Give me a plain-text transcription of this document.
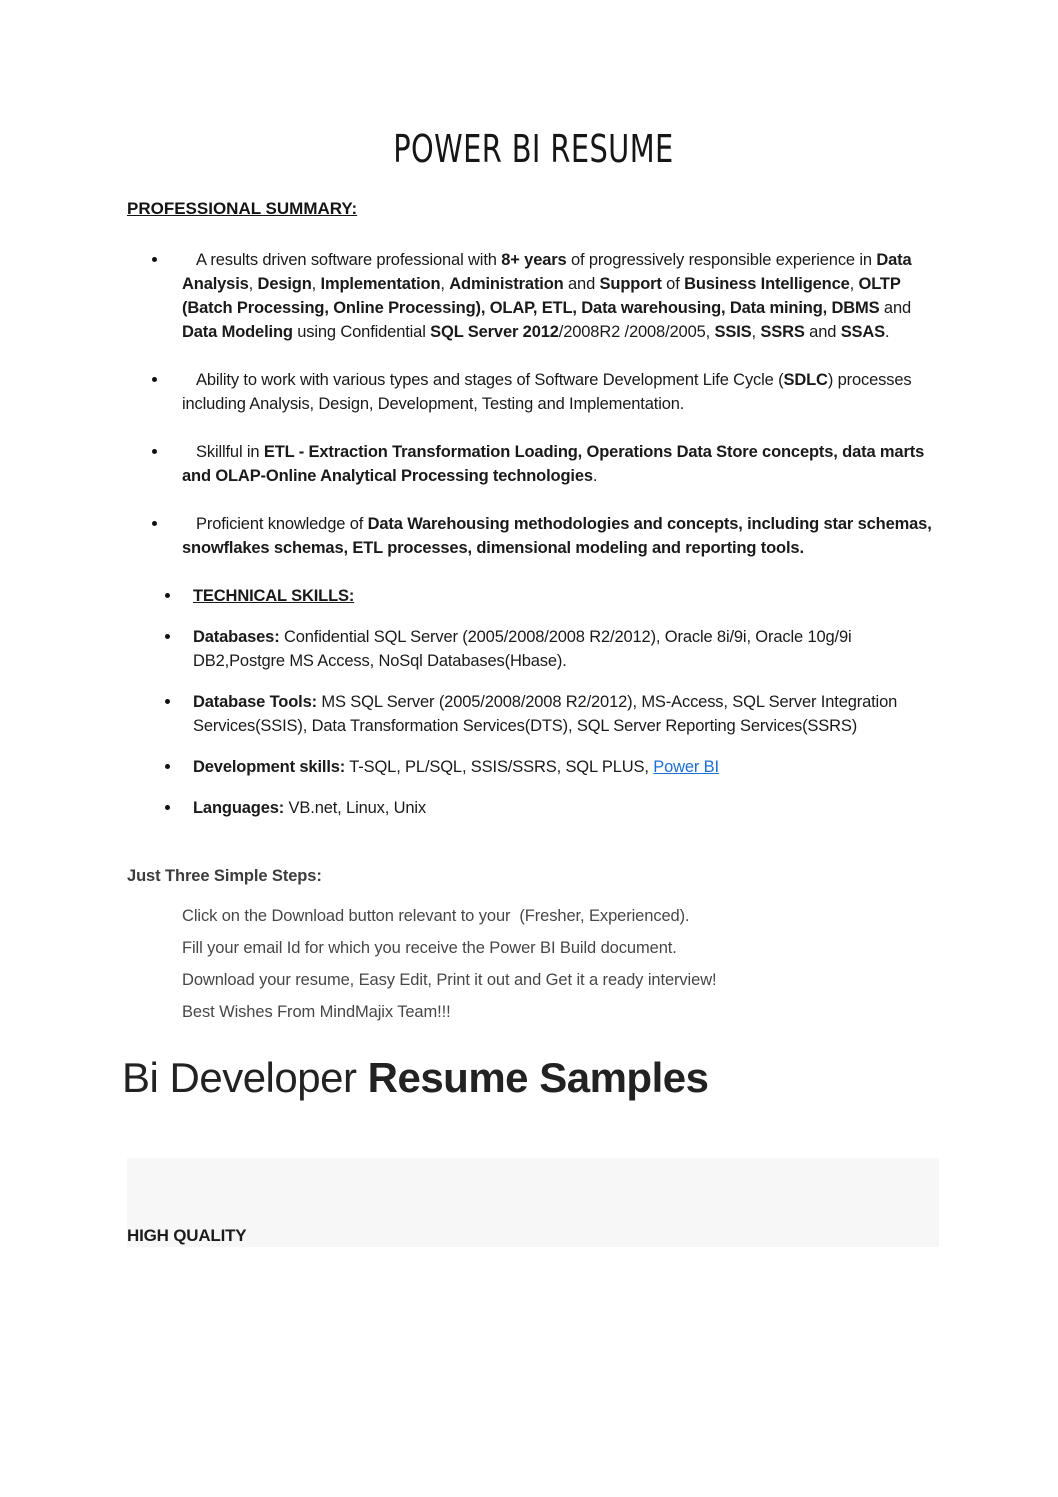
POWER BI RESUME
PROFESSIONAL SUMMARY:
A results driven software professional with 8+ years of progressively responsible experience in Data
Analysis, Design, Implementation, Administration and Support of Business Intelligence, OLTP (Batch Processing, Online Processing), OLAP, ETL, Data warehousing, Data mining, DBMS and Data Modeling using Confidential SQL Server 2012/2008R2 /2008/2005, SSIS, SSRS and SSAS.
Ability to work with various types and stages of Software Development Life Cycle (SDLC) processes including Analysis, Design, Development, Testing and Implementation.
Skillful in ETL - Extraction Transformation Loading, Operations Data Store concepts, data marts and OLAP-Online Analytical Processing technologies.
Proficient knowledge of Data Warehousing methodologies and concepts, including star schemas, snowflakes schemas, ETL processes, dimensional modeling and reporting tools.
TECHNICAL SKILLS:
Databases: Confidential SQL Server (2005/2008/2008 R2/2012), Oracle 8i/9i, Oracle 10g/9i DB2,Postgre MS Access, NoSql Databases(Hbase).
Database Tools: MS SQL Server (2005/2008/2008 R2/2012), MS-Access, SQL Server Integration Services(SSIS), Data Transformation Services(DTS), SQL Server Reporting Services(SSRS)
Development skills: T-SQL, PL/SQL, SSIS/SSRS, SQL PLUS, Power BI
Languages: VB.net, Linux, Unix
Just Three Simple Steps:

Click on the Download button relevant to your  (Fresher, Experienced).

Fill your email Id for which you receive the Power BI Build document.

Download your resume, Easy Edit, Print it out and Get it a ready interview!

Best Wishes From MindMajix Team!!!

Bi Developer Resume Samples
HIGH QUALITY
